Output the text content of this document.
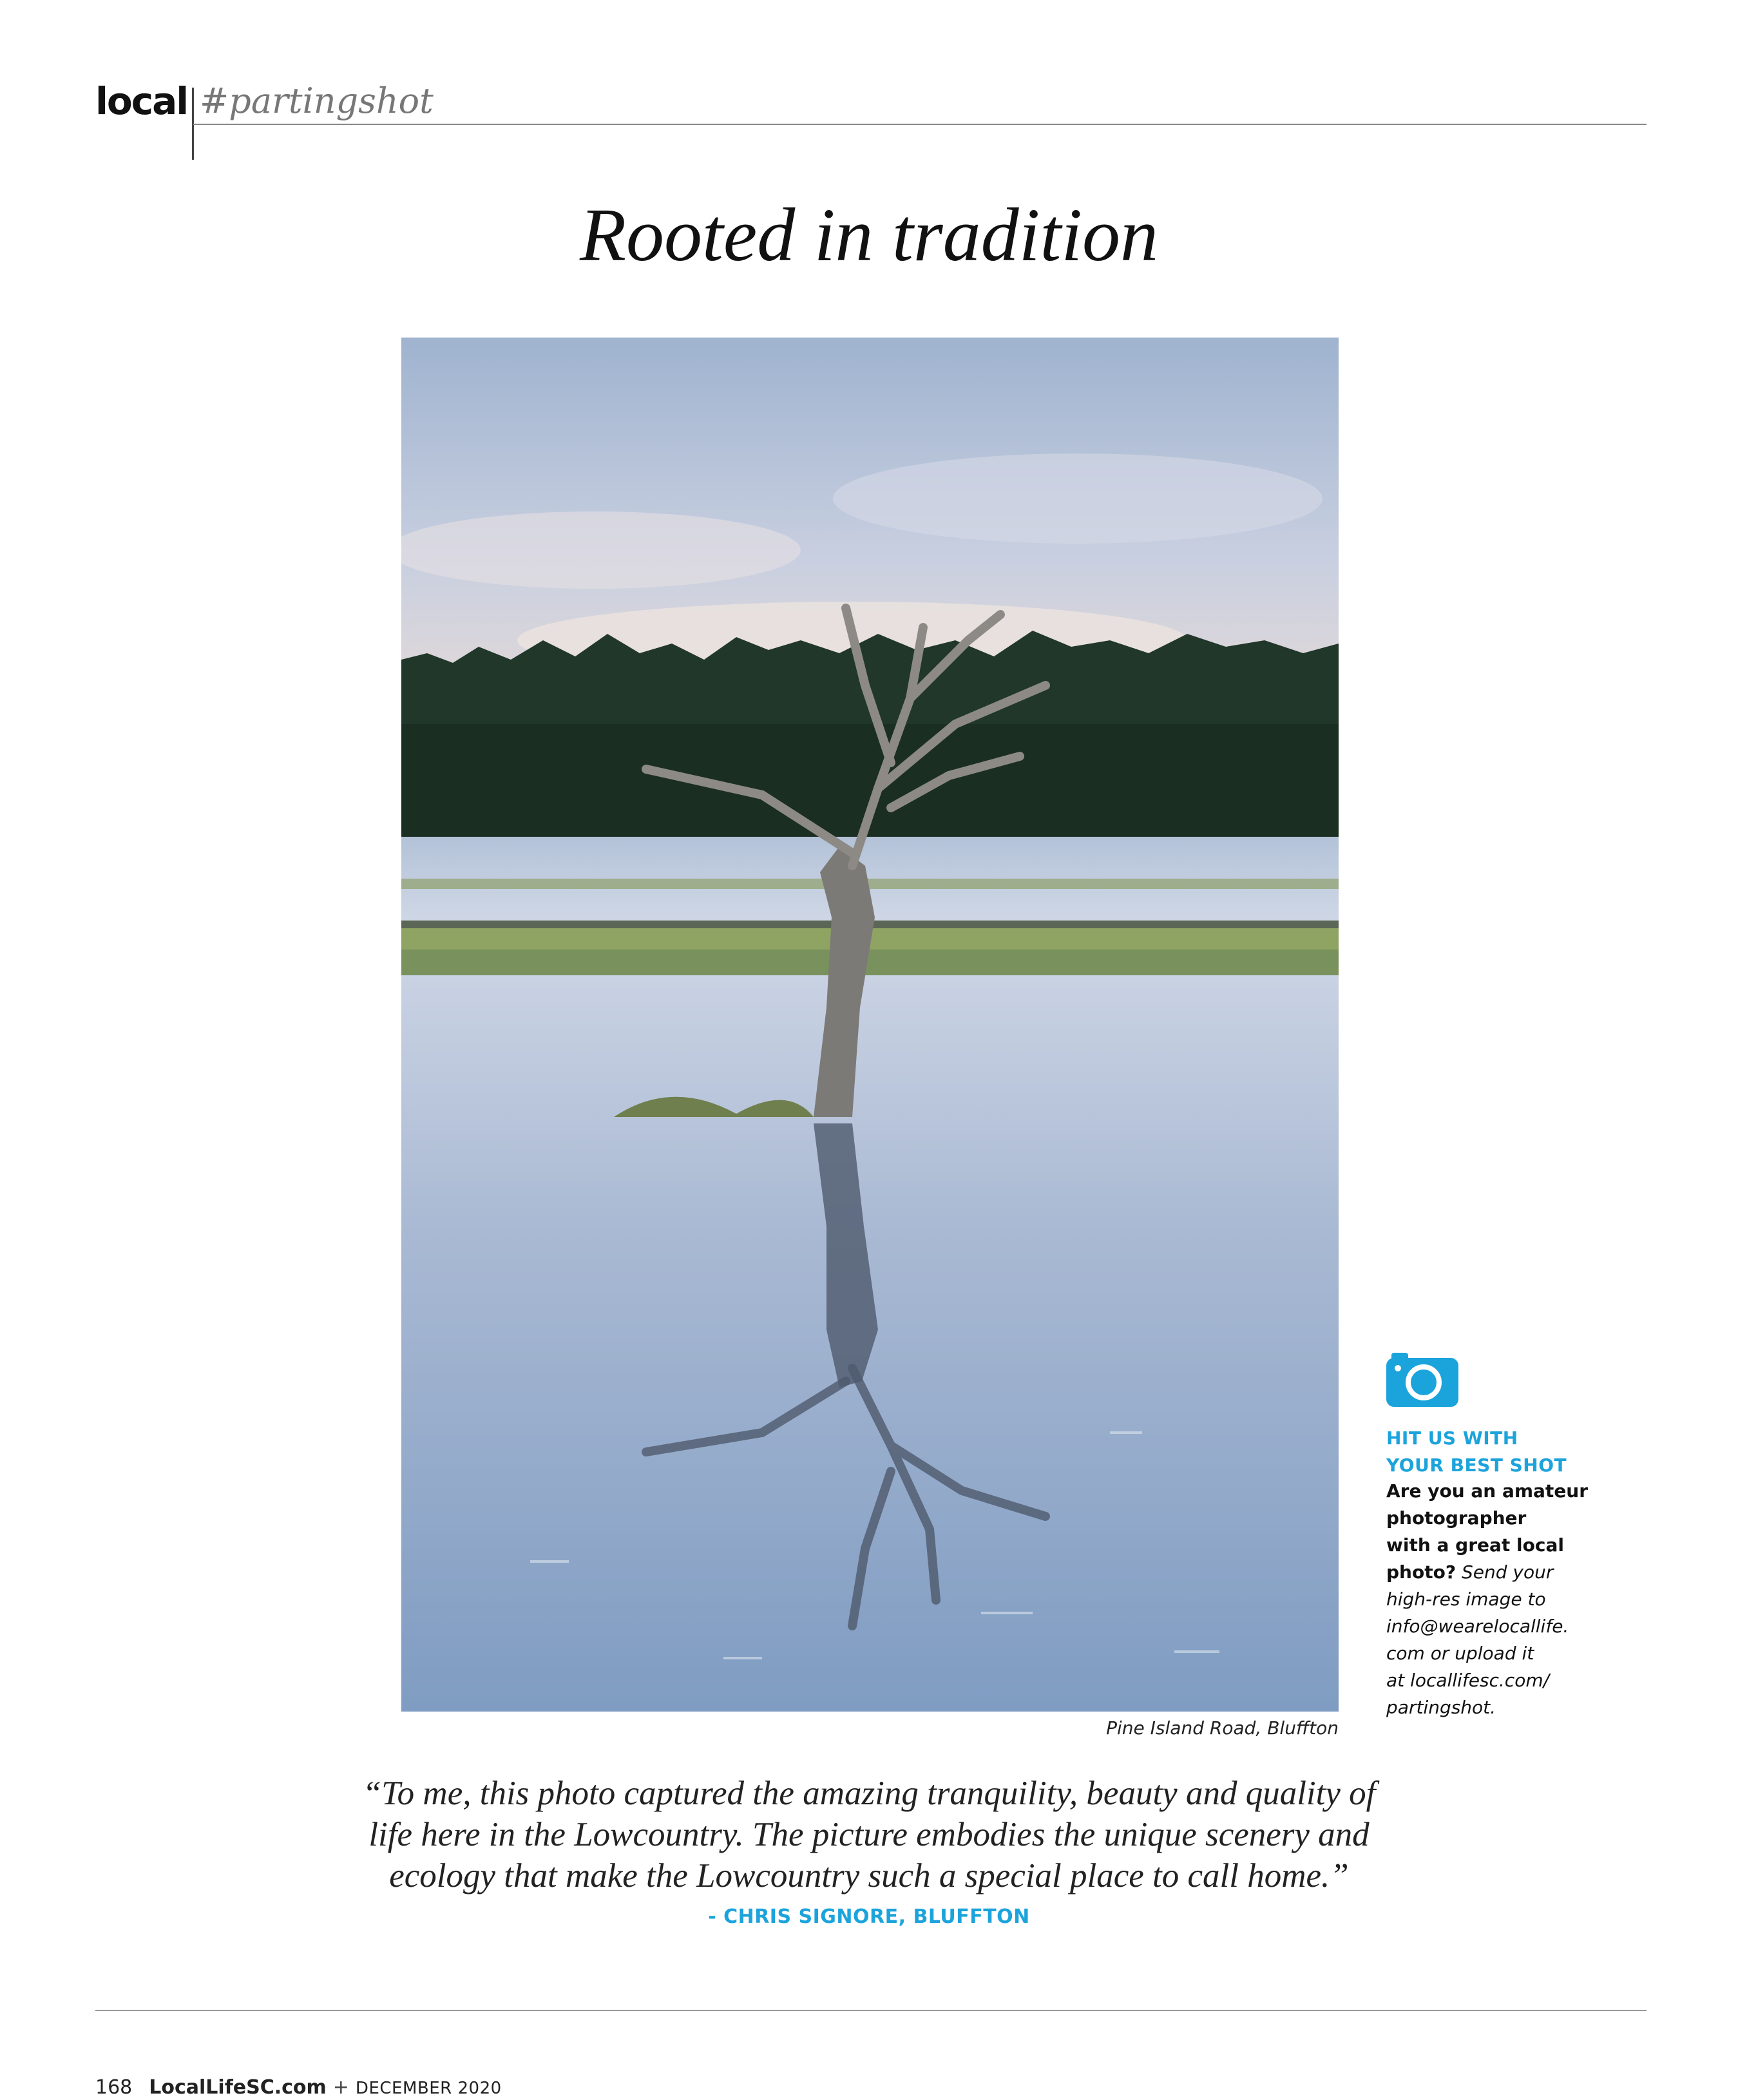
local #partingshot
Rooted in tradition
Pine Island Road, Bluffton
HIT US WITH
YOUR BEST SHOT
Are you an amateur
photographer
with a great local
photo? Send your
high-res image to
info@wearelocallife.
com or upload it
at locallifesc.com/
partingshot.
“To me, this photo captured the amazing tranquility, beauty and quality of
life here in the Lowcountry. The picture embodies the unique scenery and
ecology that make the Lowcountry such a special place to call home.”
- CHRIS SIGNORE, BLUFFTON
168 LocalLifeSC.com + DECEMBER 2020
